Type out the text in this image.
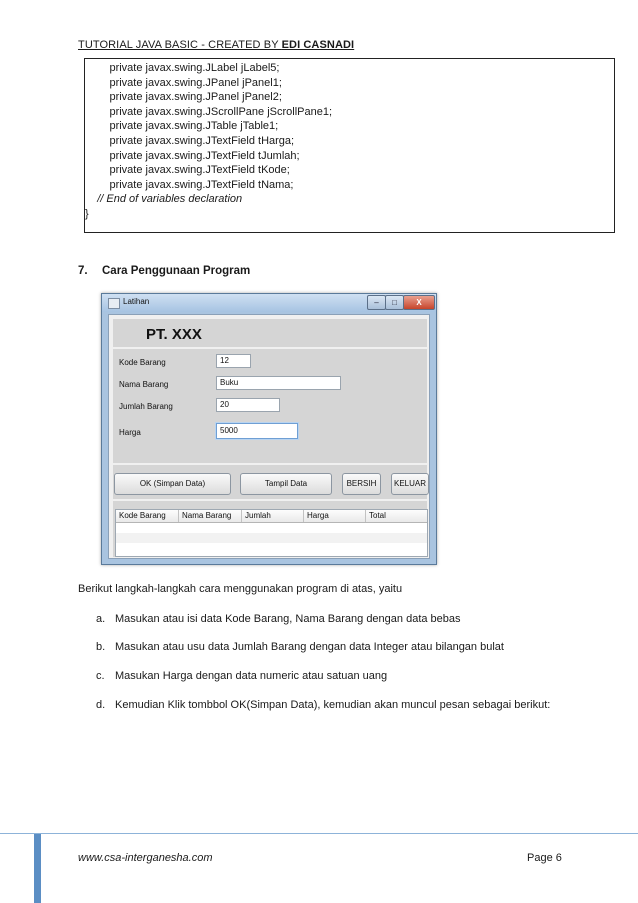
TUTORIAL JAVA BASIC - CREATED BY EDI CASNADI
private javax.swing.JLabel jLabel5;
private javax.swing.JPanel jPanel1;
private javax.swing.JPanel jPanel2;
private javax.swing.JScrollPane jScrollPane1;
private javax.swing.JTable jTable1;
private javax.swing.JTextField tHarga;
private javax.swing.JTextField tJumlah;
private javax.swing.JTextField tKode;
private javax.swing.JTextField tNama;
// End of variables declaration
}
7. Cara Penggunaan Program
Latihan	–	□	X
PT. XXX
Kode Barang	12
Nama Barang	Buku
Jumlah Barang	20
Harga	5000
OK (Simpan Data)	Tampil Data	BERSIH	KELUAR
Kode Barang	Nama Barang	Jumlah	Harga	Total
Berikut langkah-langkah cara menggunakan program di atas, yaitu
a. Masukan atau isi data Kode Barang, Nama Barang dengan data bebas
b. Masukan atau usu data Jumlah Barang dengan data Integer atau bilangan bulat
c. Masukan Harga dengan data numeric atau satuan uang
d. Kemudian Klik tombbol OK(Simpan Data), kemudian akan muncul pesan sebagai berikut:
www.csa-interganesha.com	Page 6
